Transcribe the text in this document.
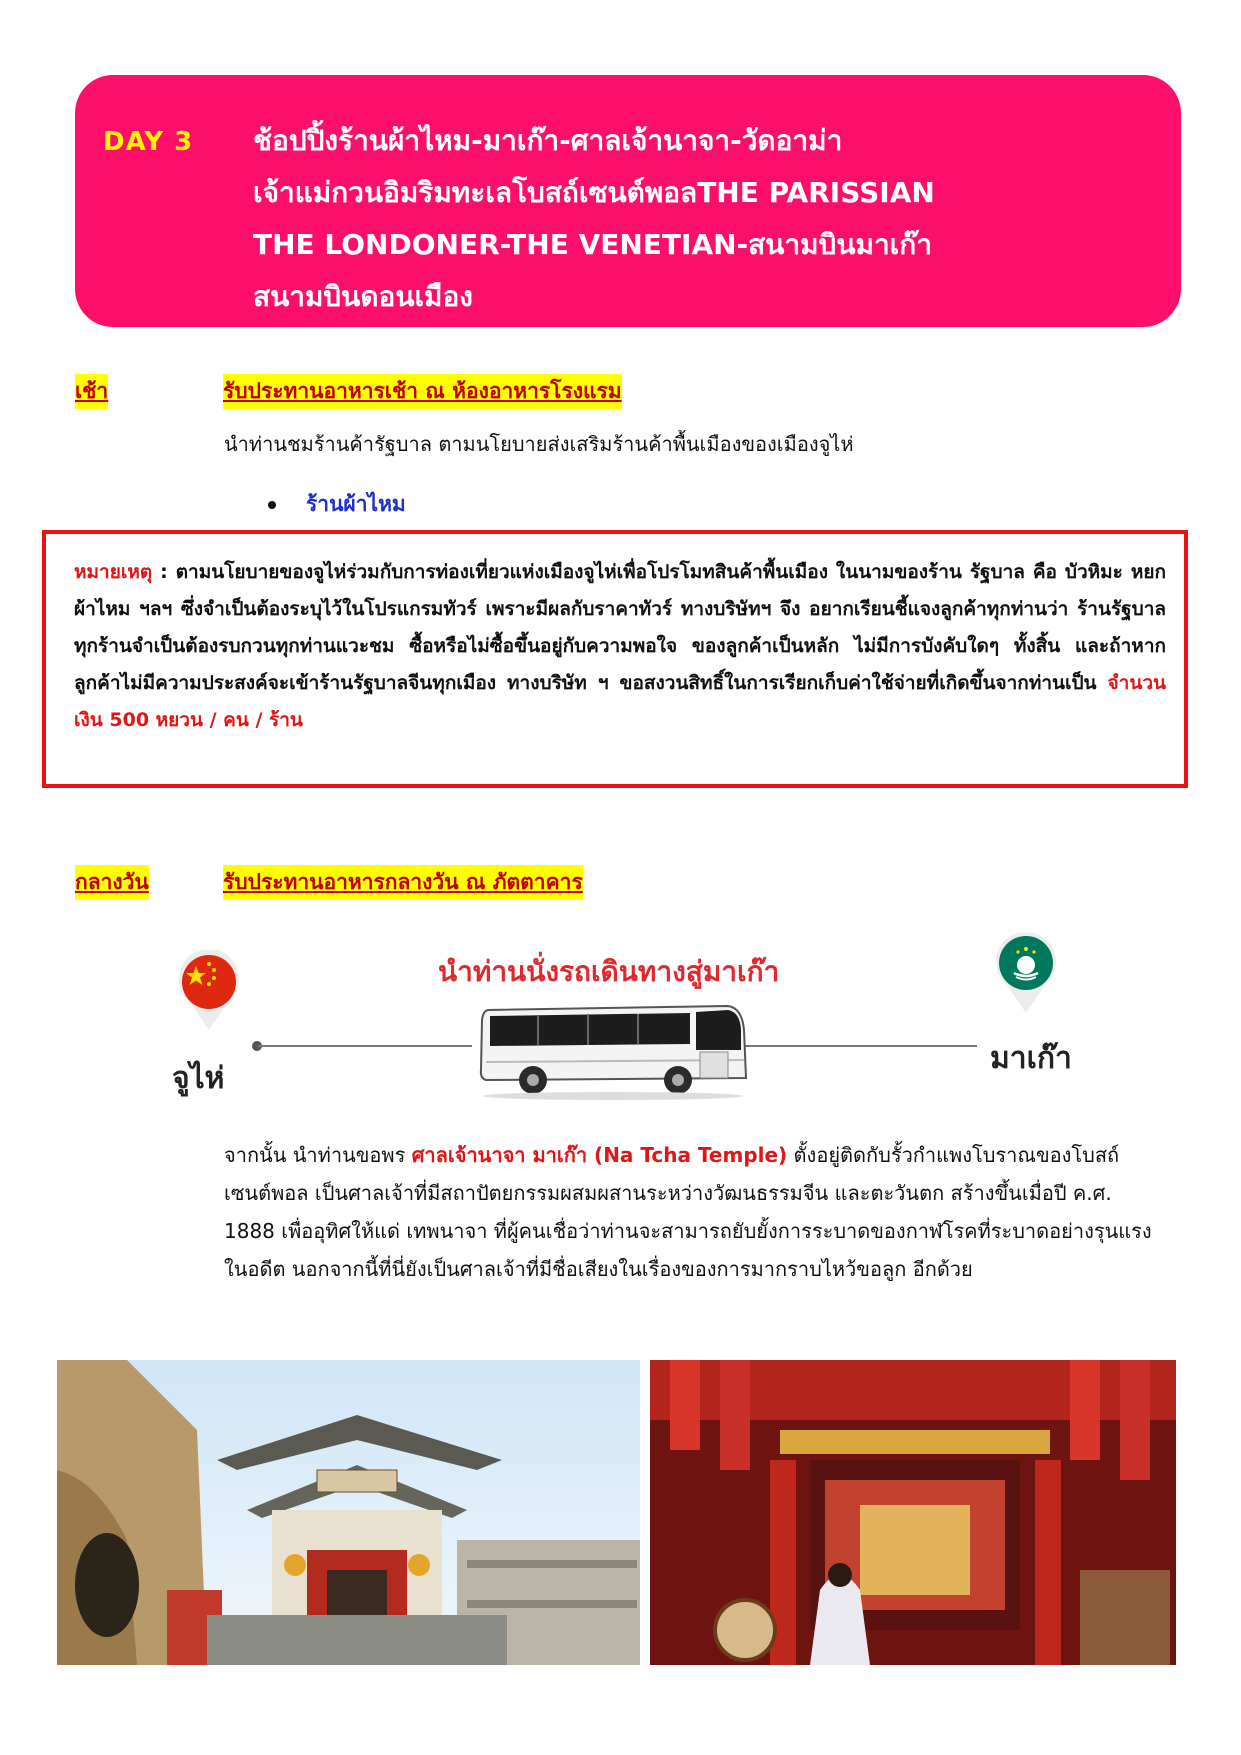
DAY 3 ช้อปปิ้งร้านผ้าไหม-มาเก๊า-ศาลเจ้านาจา-วัดอาม่า
เจ้าแม่กวนอิมริมทะเลโบสถ์เซนต์พอลTHE PARISSIAN
THE LONDONER-THE VENETIAN-สนามบินมาเก๊า
สนามบินดอนเมือง
เช้า	รับประทานอาหารเช้า ณ ห้องอาหารโรงแรม
นำท่านชมร้านค้ารัฐบาล ตามนโยบายส่งเสริมร้านค้าพื้นเมืองของเมืองจูไห่
ร้านผ้าไหม
หมายเหตุ : ตามนโยบายของจูไห่ร่วมกับการท่องเที่ยวแห่งเมืองจูไห่เพื่อโปรโมทสินค้าพื้นเมือง ในนามของร้าน รัฐบาล คือ บัวหิมะ หยก ผ้าไหม ฯลฯ ซึ่งจำเป็นต้องระบุไว้ในโปรแกรมทัวร์ เพราะมีผลกับราคาทัวร์ ทางบริษัทฯ จึง อยากเรียนชี้แจงลูกค้าทุกท่านว่า ร้านรัฐบาลทุกร้านจำเป็นต้องรบกวนทุกท่านแวะชม ซื้อหรือไม่ซื้อขึ้นอยู่กับความพอใจ ของลูกค้าเป็นหลัก ไม่มีการบังคับใดๆ ทั้งสิ้น และถ้าหากลูกค้าไม่มีความประสงค์จะเข้าร้านรัฐบาลจีนทุกเมือง ทางบริษัท ฯ ขอสงวนสิทธิ์ในการเรียกเก็บค่าใช้จ่ายที่เกิดขึ้นจากท่านเป็น จำนวนเงิน 500 หยวน / คน / ร้าน
กลางวัน	รับประทานอาหารกลางวัน ณ ภัตตาคาร
นำท่านนั่งรถเดินทางสู่มาเก๊า
จูไห่
มาเก๊า
จากนั้น นำท่านขอพร ศาลเจ้านาจา มาเก๊า (Na Tcha Temple) ตั้งอยู่ติดกับรั้วกำแพงโบราณของโบสถ์เซนต์พอล เป็นศาลเจ้าที่มีสถาปัตยกรรมผสมผสานระหว่างวัฒนธรรมจีน และตะวันตก สร้างขึ้นเมื่อปี ค.ศ. 1888 เพื่ออุทิศให้แด่ เทพนาจา ที่ผู้คนเชื่อว่าท่านจะสามารถยับยั้งการระบาดของกาฬโรคที่ระบาดอย่างรุนแรงในอดีต นอกจากนี้ที่นี่ยังเป็นศาลเจ้าที่มีชื่อเสียงในเรื่องของการมากราบไหว้ขอลูก อีกด้วย
